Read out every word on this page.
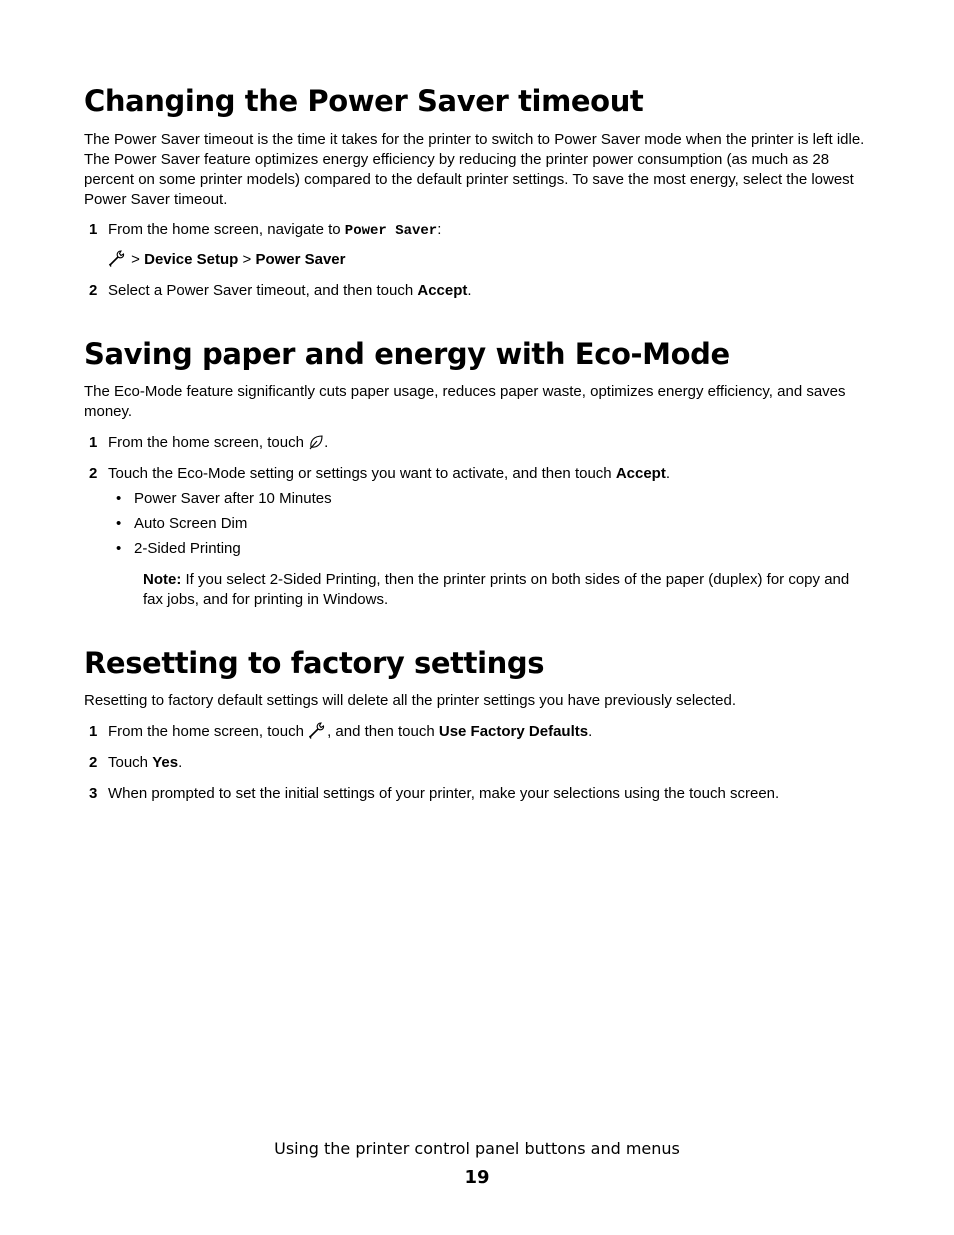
Changing the Power Saver timeout

The Power Saver timeout is the time it takes for the printer to switch to Power Saver mode when the printer is left idle. The Power Saver feature optimizes energy efficiency by reducing the printer power consumption (as much as 28 percent on some printer models) compared to the default printer settings. To save the most energy, select the lowest Power Saver timeout.

1 From the home screen, navigate to Power Saver:
> Device Setup > Power Saver
2 Select a Power Saver timeout, and then touch Accept.
Saving paper and energy with Eco-Mode

The Eco-Mode feature significantly cuts paper usage, reduces paper waste, optimizes energy efficiency, and saves money.

1 From the home screen, touch .
2 Touch the Eco-Mode setting or settings you want to activate, and then touch Accept.
• Power Saver after 10 Minutes
• Auto Screen Dim
• 2-Sided Printing

Note: If you select 2-Sided Printing, then the printer prints on both sides of the paper (duplex) for copy and fax jobs, and for printing in Windows.

Resetting to factory settings

Resetting to factory default settings will delete all the printer settings you have previously selected.

1 From the home screen, touch , and then touch Use Factory Defaults.
2 Touch Yes.
3 When prompted to set the initial settings of your printer, make your selections using the touch screen.
Using the printer control panel buttons and menus
19
